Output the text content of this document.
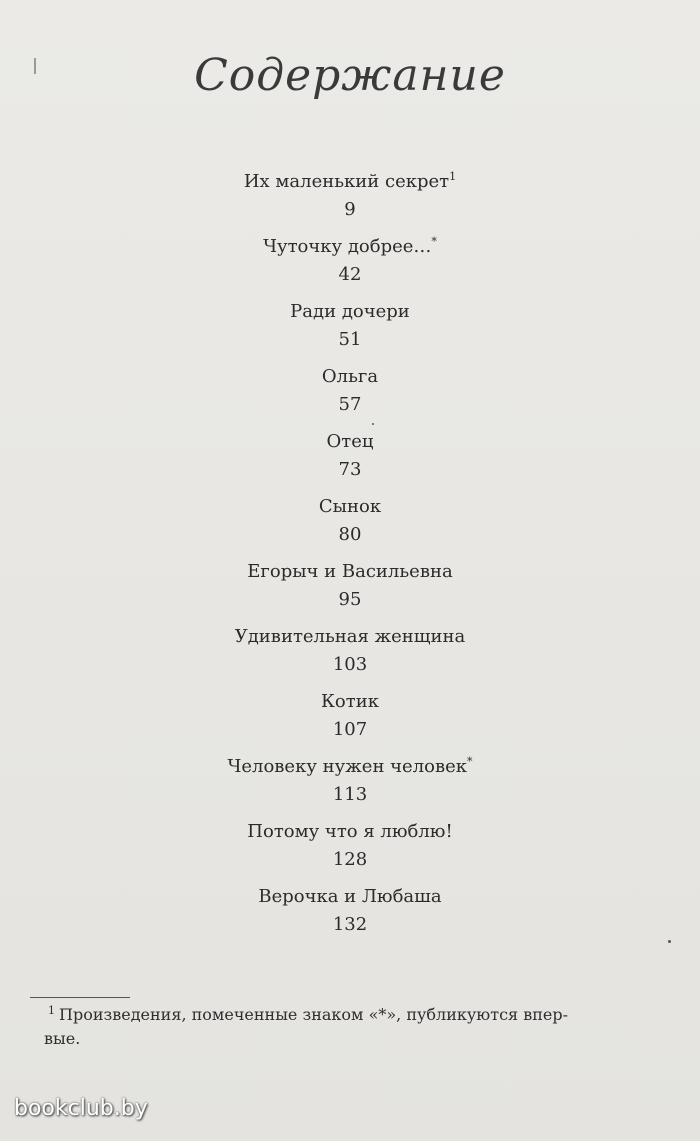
Содержание
Их маленький секрет$^1$
9
Чуточку добрее…*
42
Ради дочери
51
Ольга
57
Отец
73
Сынок
80
Егорыч и Васильевна
95
Удивительная женщина
103
Котик
107
Человеку нужен человек*
113
Потому что я люблю!
128
Верочка и Любаша
132
$^1$ Произведения, помеченные знаком «*», публикуются впер-
вые.
bookclub.by
